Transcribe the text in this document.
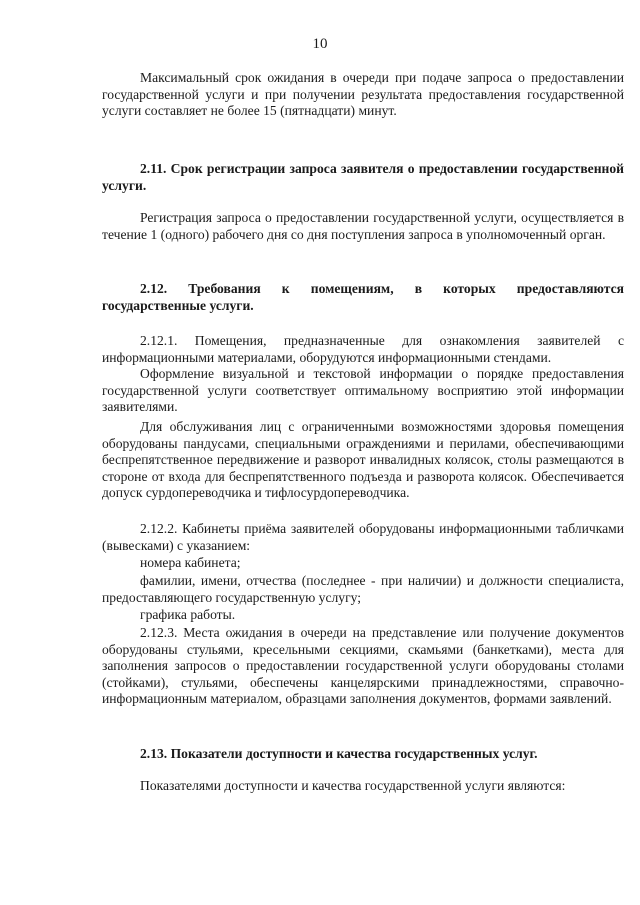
10

Максимальный срок ожидания в очереди при подаче запроса о предоставлении государственной услуги и при получении результата предоставления государственной услуги составляет не более 15 (пятнадцати) минут.

2.11. Срок регистрации запроса заявителя о предоставлении государственной услуги.

Регистрация запроса о предоставлении государственной услуги, осуществляется в течение 1 (одного) рабочего дня со дня поступления запроса в уполномоченный орган.

2.12. Требования к помещениям, в которых предоставляются государственные услуги.

2.12.1. Помещения, предназначенные для ознакомления заявителей с информационными материалами, оборудуются информационными стендами.

Оформление визуальной и текстовой информации о порядке предоставления государственной услуги соответствует оптимальному восприятию этой информации заявителями.

Для обслуживания лиц с ограниченными возможностями здоровья помещения оборудованы пандусами, специальными ограждениями и перилами, обеспечивающими беспрепятственное передвижение и разворот инвалидных колясок, столы размещаются в стороне от входа для беспрепятственного подъезда и разворота колясок. Обеспечивается допуск сурдопереводчика и тифлосурдопереводчика.

2.12.2. Кабинеты приёма заявителей оборудованы информационными табличками (вывесками) с указанием:

номера кабинета;

фамилии, имени, отчества (последнее - при наличии) и должности специалиста, предоставляющего государственную услугу;

графика работы.

2.12.3. Места ожидания в очереди на представление или получение документов оборудованы стульями, кресельными секциями, скамьями (банкетками), места для заполнения запросов о предоставлении государственной услуги оборудованы столами (стойками), стульями, обеспечены канцелярскими принадлежностями, справочно-информационным материалом, образцами заполнения документов, формами заявлений.

2.13. Показатели доступности и качества государственных услуг.

Показателями доступности и качества государственной услуги являются:
